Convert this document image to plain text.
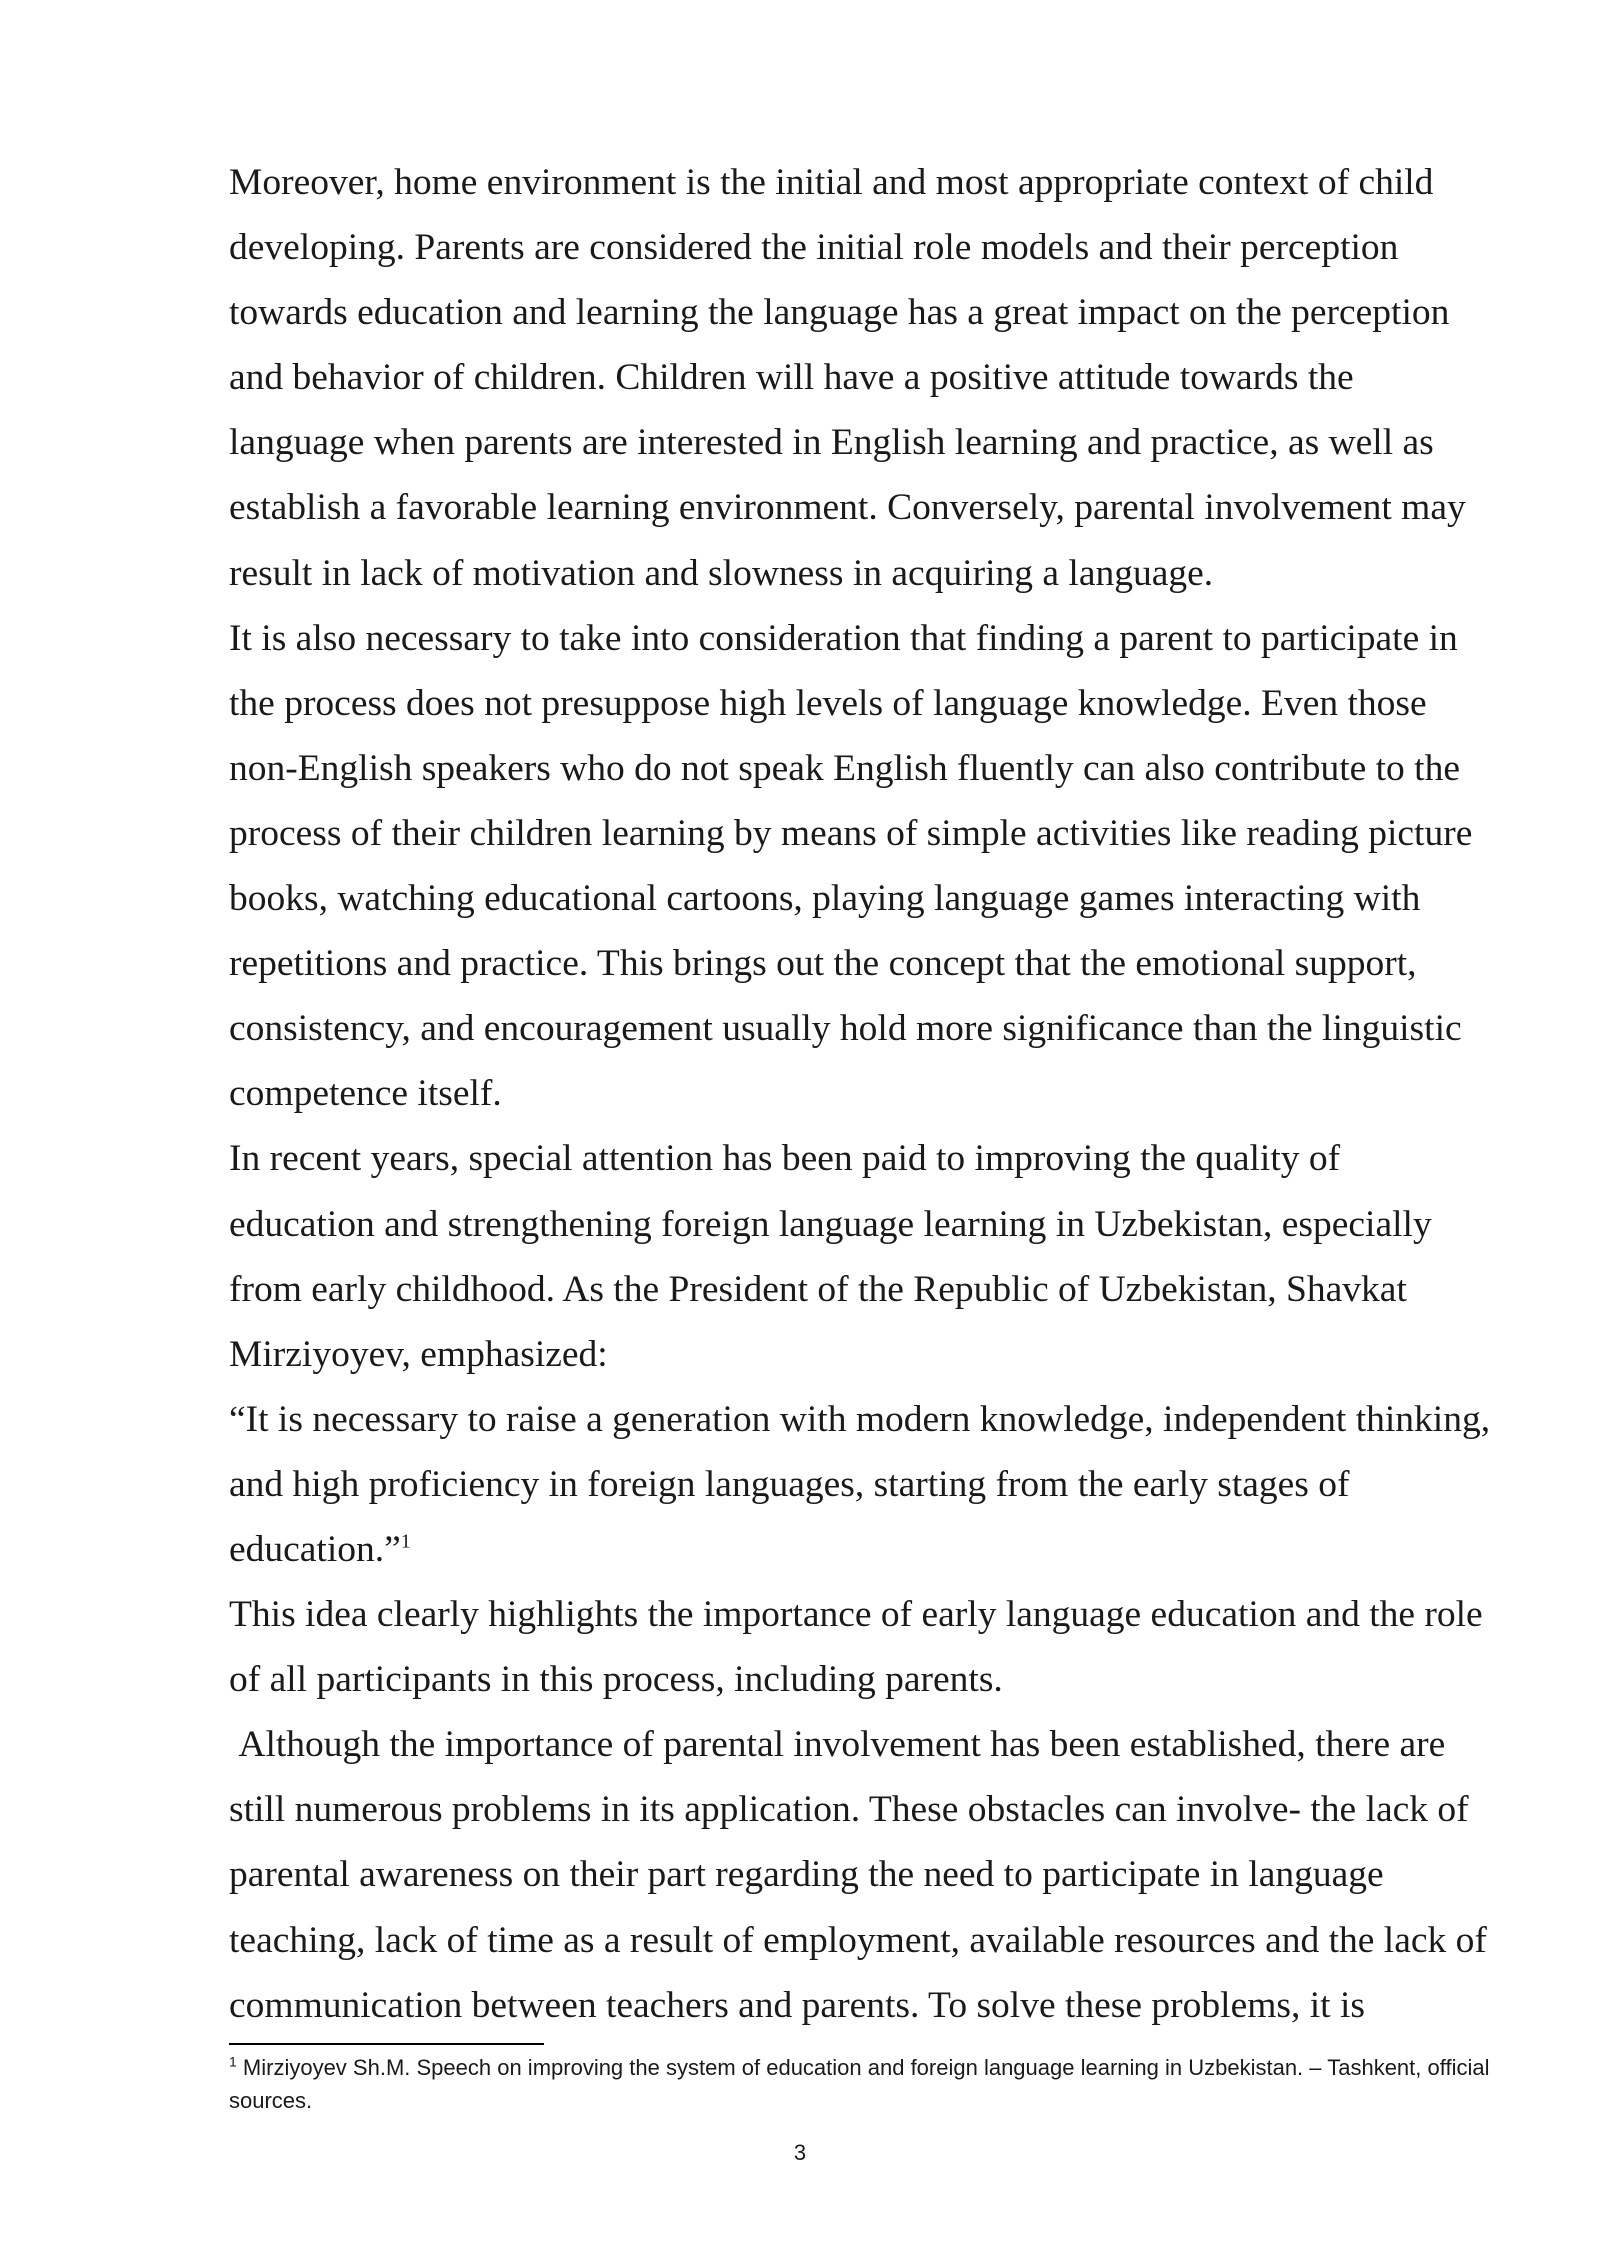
Moreover, home environment is the initial and most appropriate context of child developing. Parents are considered the initial role models and their perception towards education and learning the language has a great impact on the perception and behavior of children. Children will have a positive attitude towards the language when parents are interested in English learning and practice, as well as establish a favorable learning environment. Conversely, parental involvement may result in lack of motivation and slowness in acquiring a language.

It is also necessary to take into consideration that finding a parent to participate in the process does not presuppose high levels of language knowledge. Even those non-English speakers who do not speak English fluently can also contribute to the process of their children learning by means of simple activities like reading picture books, watching educational cartoons, playing language games interacting with repetitions and practice. This brings out the concept that the emotional support, consistency, and encouragement usually hold more significance than the linguistic competence itself.

In recent years, special attention has been paid to improving the quality of education and strengthening foreign language learning in Uzbekistan, especially from early childhood. As the President of the Republic of Uzbekistan, Shavkat Mirziyoyev, emphasized:

“It is necessary to raise a generation with modern knowledge, independent thinking, and high proficiency in foreign languages, starting from the early stages of education.”$^1$

This idea clearly highlights the importance of early language education and the role of all participants in this process, including parents.

Although the importance of parental involvement has been established, there are still numerous problems in its application. These obstacles can involve- the lack of parental awareness on their part regarding the need to participate in language teaching, lack of time as a result of employment, available resources and the lack of communication between teachers and parents. To solve these problems, it is

$^1$ Mirziyoyev Sh.M. Speech on improving the system of education and foreign language learning in Uzbekistan. – Tashkent, official sources.
3
